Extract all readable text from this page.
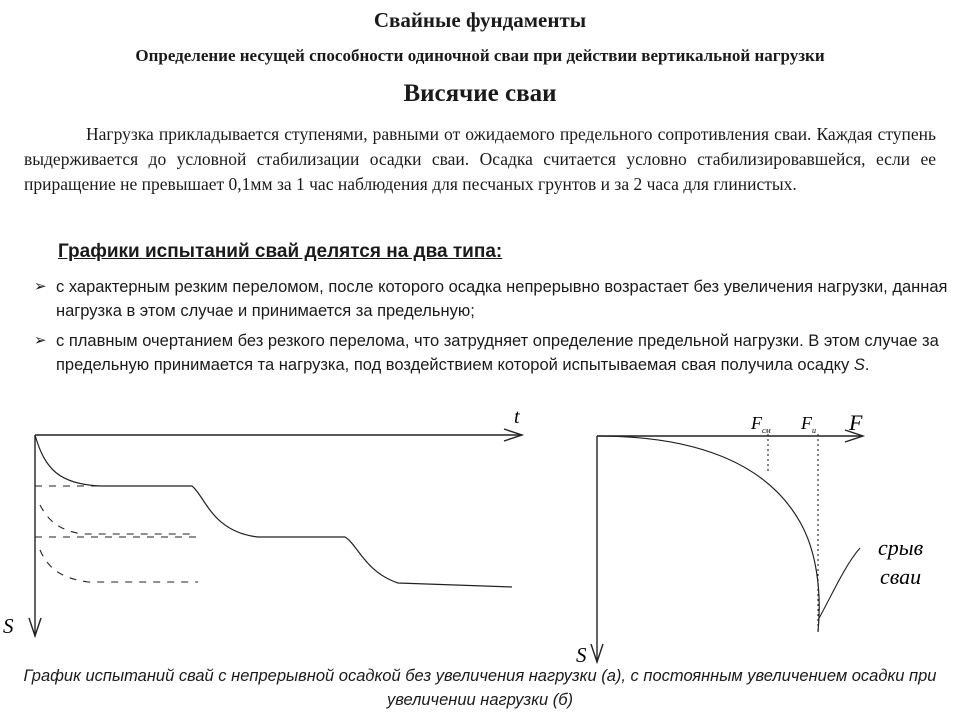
Свайные фундаменты
Определение несущей способности одиночной сваи при действии вертикальной нагрузки
Висячие сваи

Нагрузка прикладывается ступенями, равными от ожидаемого предельного сопротивления сваи. Каждая ступень выдерживается до условной стабилизации осадки сваи. Осадка считается условно стабилизировавшейся, если ее приращение не превышает 0,1мм за 1 час наблюдения для песчаных грунтов и за 2 часа для глинистых.

Графики испытаний свай делятся на два типа:
➢ с характерным резким переломом, после которого осадка непрерывно возрастает без увеличения нагрузки, данная нагрузка в этом случае и принимается за предельную;
➢ с плавным очертанием без резкого перелома, что затрудняет определение предельной нагрузки. В этом случае за предельную принимается та нагрузка, под воздействием которой испытываемая свая получила осадку S.
t
S
$F_{см}$ $F_u$ F
S
срыв
сваи
График испытаний свай с непрерывной осадкой без увеличения нагрузки (а), с постоянным увеличением осадки при увеличении нагрузки (б)
